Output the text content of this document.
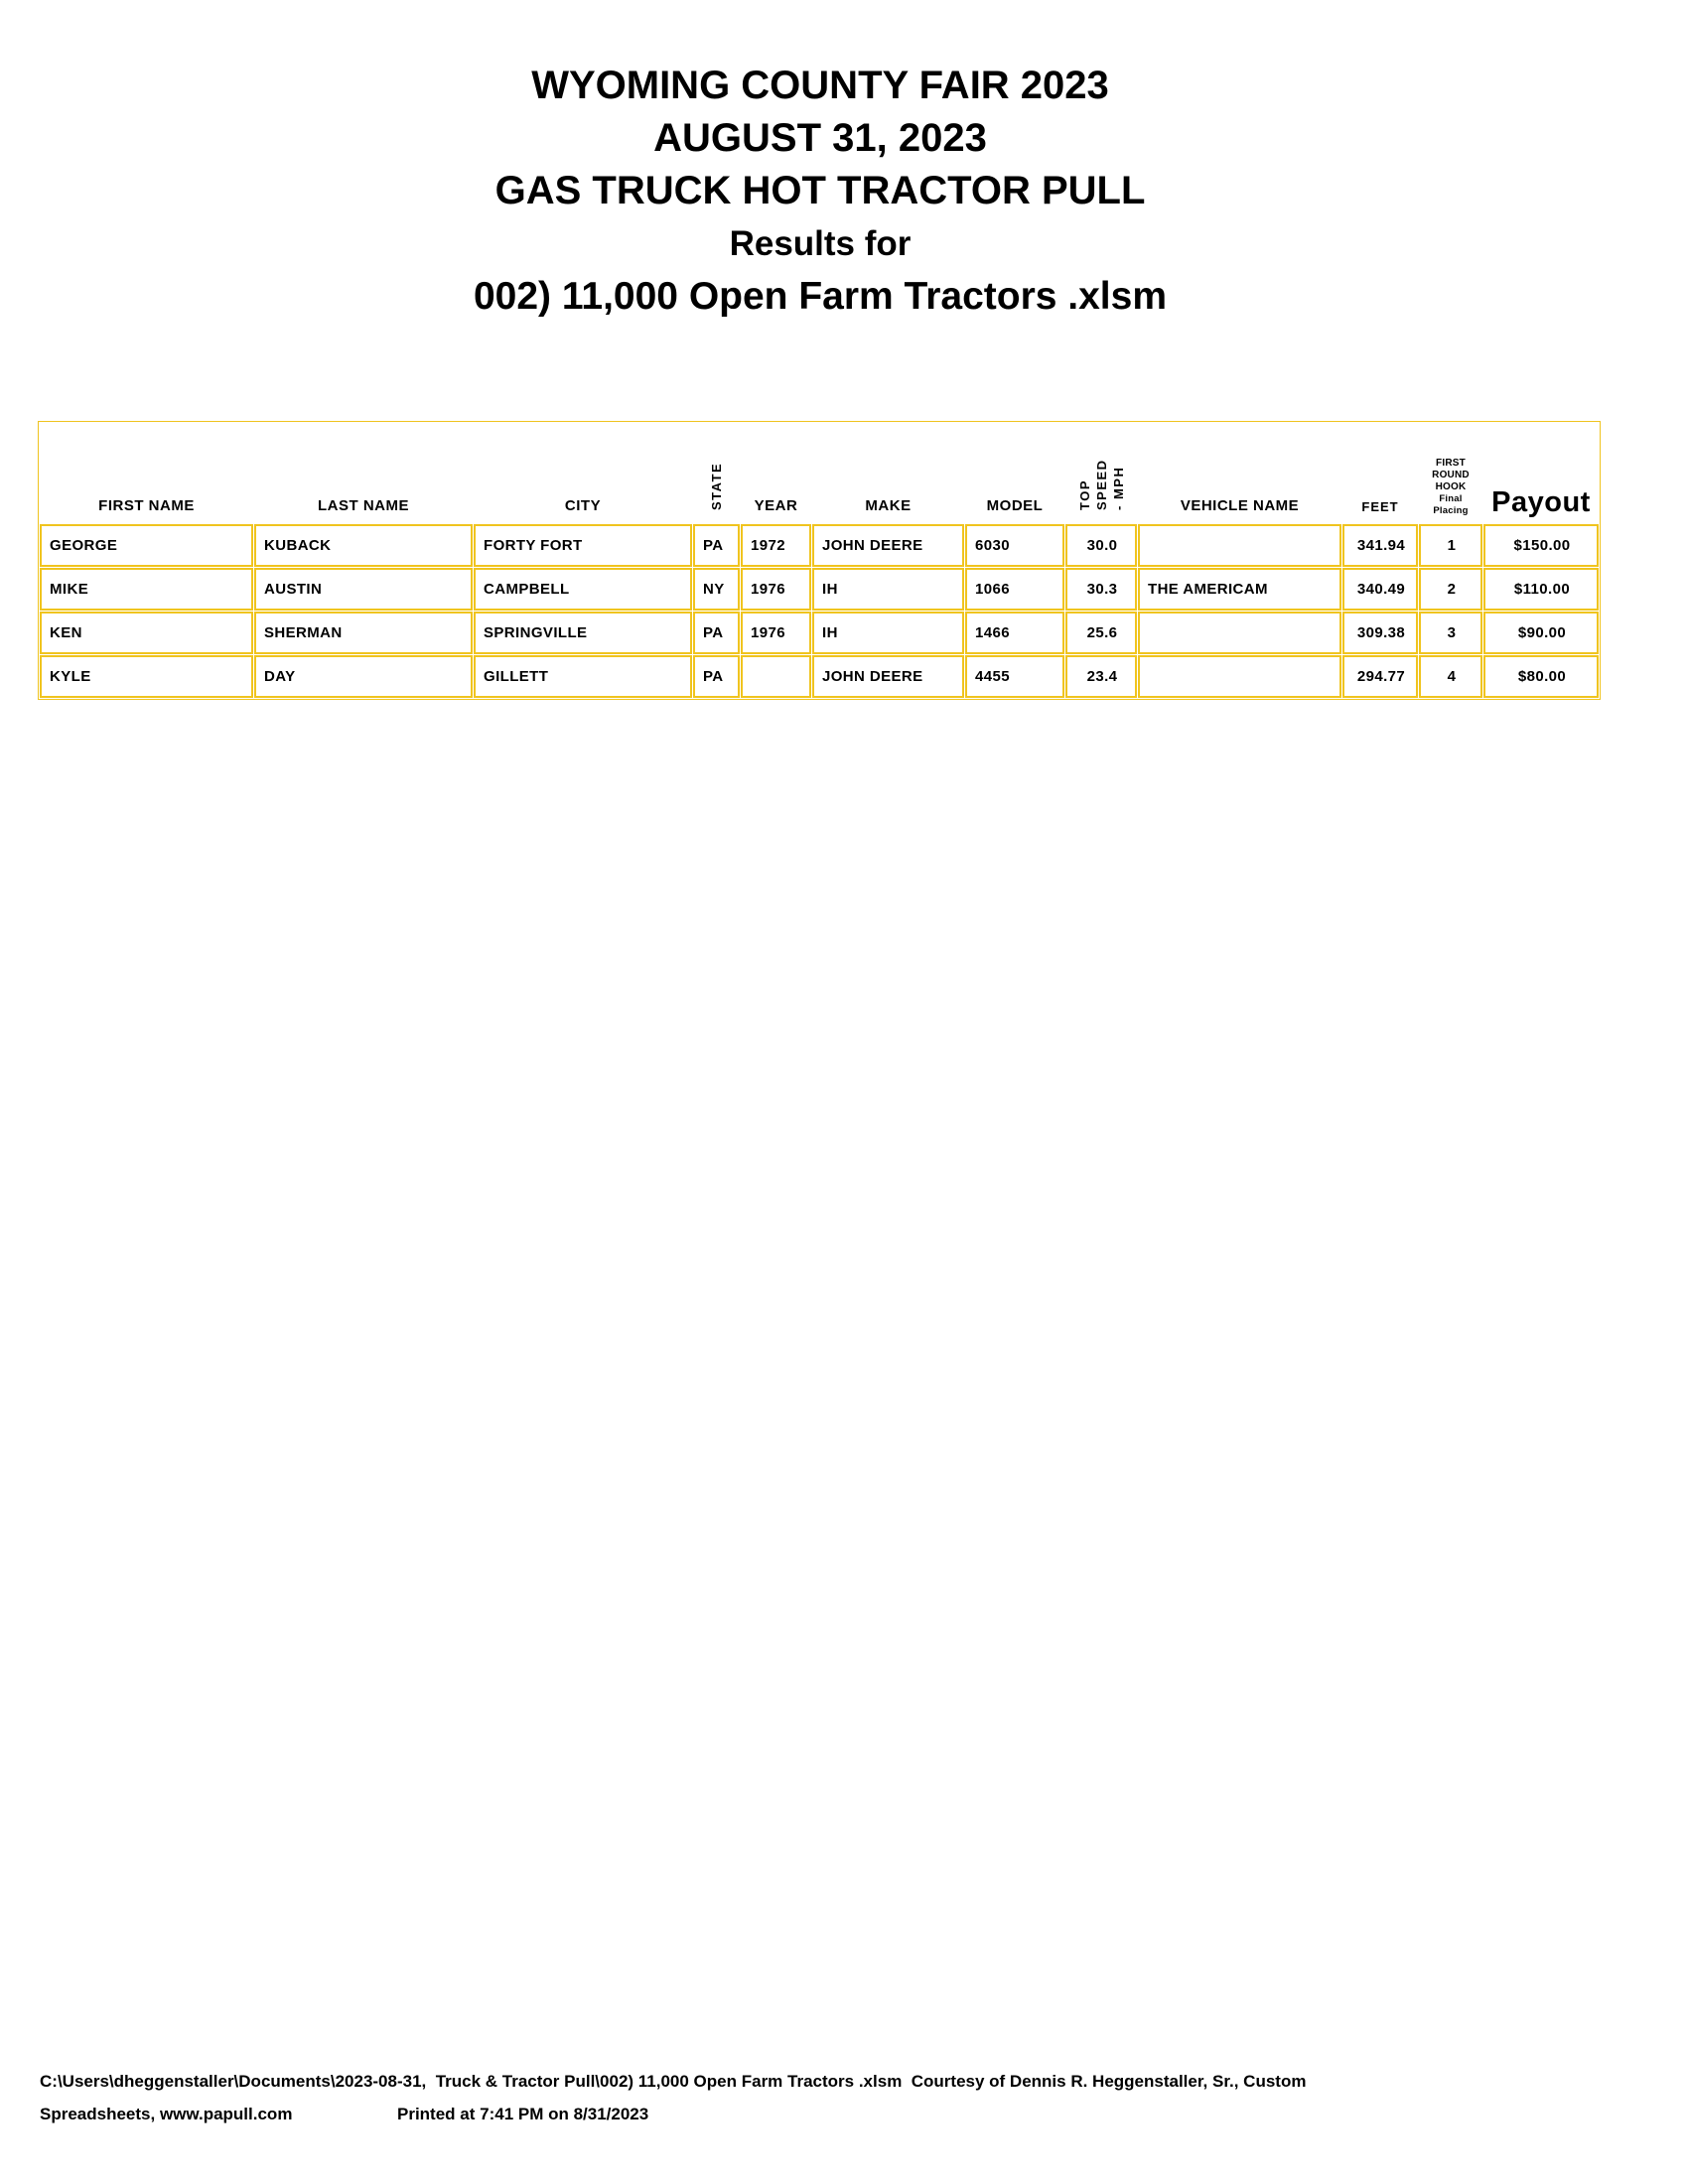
WYOMING COUNTY FAIR 2023

AUGUST 31, 2023

GAS TRUCK HOT TRACTOR PULL

Results for

002) 11,000 Open Farm Tractors .xlsm

FIRST NAME	LAST NAME	CITY	STATE	YEAR	MAKE	MODEL	TOP SPEED - MPH	VEHICLE NAME	FEET	FIRST ROUND
HOOK
Final Placing	Payout
GEORGE	KUBACK	FORTY FORT	PA	1972	JOHN DEERE	6030	30.0		341.94	1	$150.00
MIKE	AUSTIN	CAMPBELL	NY	1976	IH	1066	30.3	THE AMERICAM	340.49	2	$110.00
KEN	SHERMAN	SPRINGVILLE	PA	1976	IH	1466	25.6		309.38	3	$90.00
KYLE	DAY	GILLETT	PA		JOHN DEERE	4455	23.4		294.77	4	$80.00
C:\Users\dheggenstaller\Documents\2023-08-31,  Truck & Tractor Pull\002) 11,000 Open Farm Tractors .xlsm  Courtesy of Dennis R. Heggenstaller, Sr., Custom
Spreadsheets, www.papull.com	Printed at 7:41 PM on 8/31/2023
